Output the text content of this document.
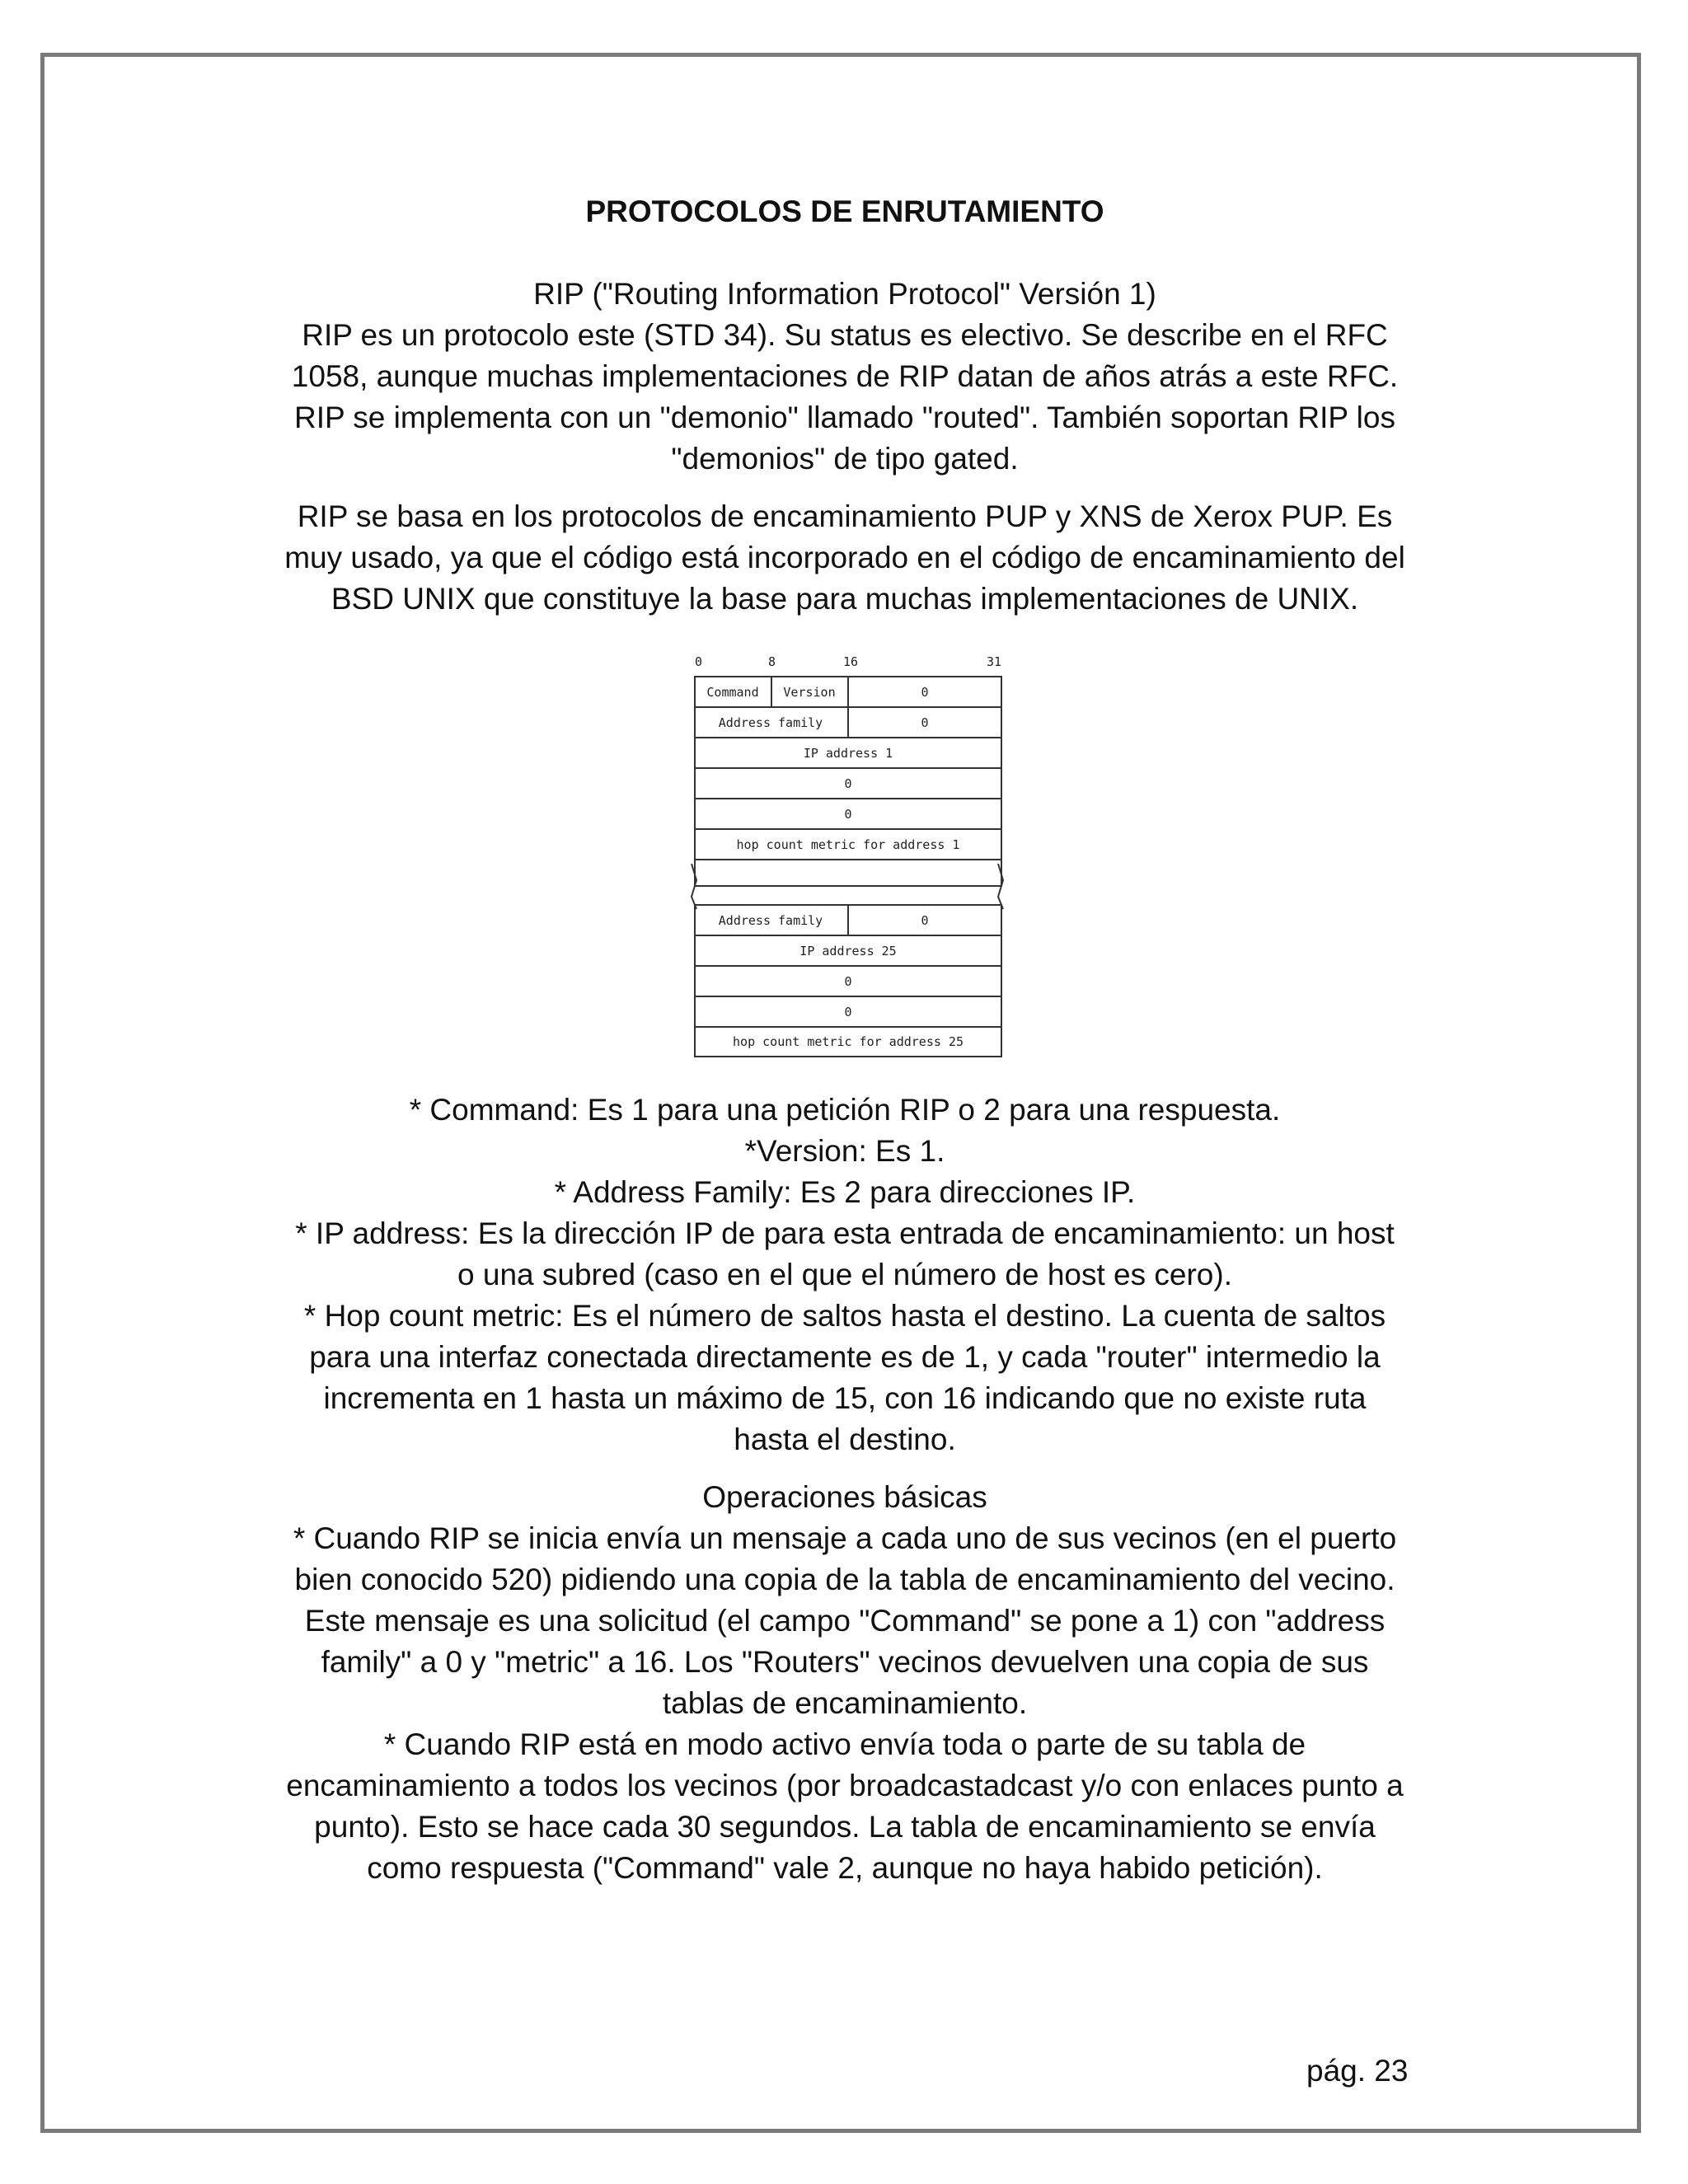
PROTOCOLOS DE ENRUTAMIENTO

RIP ("Routing Information Protocol" Versión 1)

RIP es un protocolo este (STD 34). Su status es electivo. Se describe en el RFC

1058, aunque muchas implementaciones de RIP datan de años atrás a este RFC.

RIP se implementa con un "demonio" llamado "routed". También soportan RIP los

"demonios" de tipo gated.

RIP se basa en los protocolos de encaminamiento PUP y XNS de Xerox PUP. Es

muy usado, ya que el código está incorporado en el código de encaminamiento del

BSD UNIX que constituye la base para muchas implementaciones de UNIX.

0	8	16	31
Command Version	0
Address family	0
IP address 1
0
0
hop count metric for address 1
Address family	0
IP address 25
0
0
hop count metric for address 25

* Command: Es 1 para una petición RIP o 2 para una respuesta.

*Version: Es 1.

* Address Family: Es 2 para direcciones IP.

* IP address: Es la dirección IP de para esta entrada de encaminamiento: un host

o una subred (caso en el que el número de host es cero).

* Hop count metric: Es el número de saltos hasta el destino. La cuenta de saltos

para una interfaz conectada directamente es de 1, y cada "router" intermedio la

incrementa en 1 hasta un máximo de 15, con 16 indicando que no existe ruta

hasta el destino.

Operaciones básicas

* Cuando RIP se inicia envía un mensaje a cada uno de sus vecinos (en el puerto

bien conocido 520) pidiendo una copia de la tabla de encaminamiento del vecino.

Este mensaje es una solicitud (el campo "Command" se pone a 1) con "address

family" a 0 y "metric" a 16. Los "Routers" vecinos devuelven una copia de sus

tablas de encaminamiento.

* Cuando RIP está en modo activo envía toda o parte de su tabla de

encaminamiento a todos los vecinos (por broadcastadcast y/o con enlaces punto a

punto). Esto se hace cada 30 segundos. La tabla de encaminamiento se envía

como respuesta ("Command" vale 2, aunque no haya habido petición).

pág. 23
